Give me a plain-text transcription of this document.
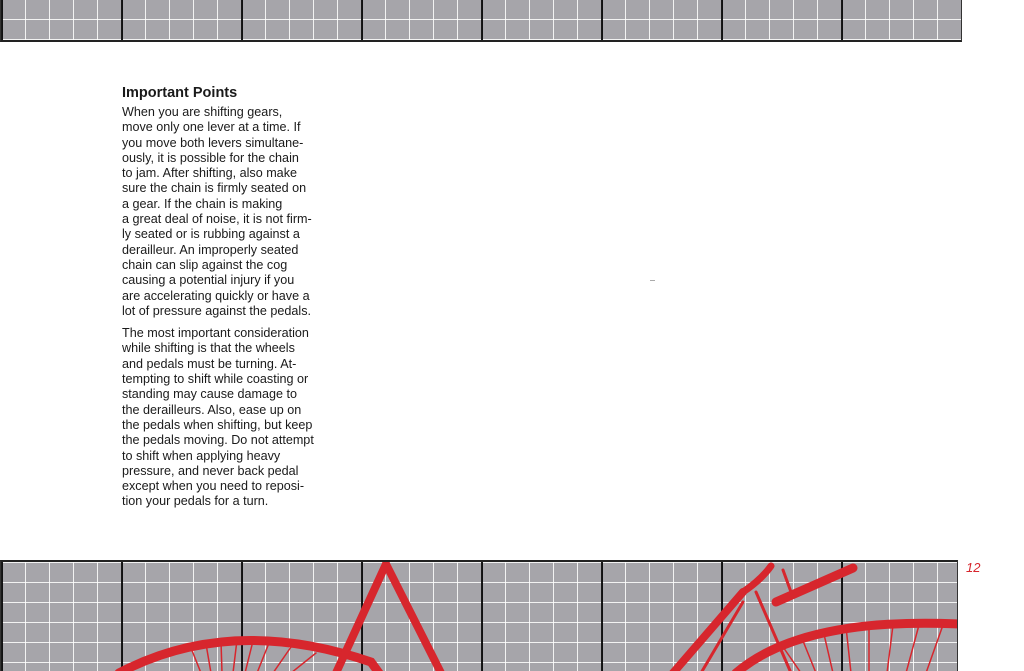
Important Points
When you are shifting gears,
move only one lever at a time. If
you move both levers simultane-
ously, it is possible for the chain
to jam. After shifting, also make
sure the chain is firmly seated on
a gear. If the chain is making
a great deal of noise, it is not firm-
ly seated or is rubbing against a
derailleur. An improperly seated
chain can slip against the cog
causing a potential injury if you
are accelerating quickly or have a
lot of pressure against the pedals.
The most important consideration
while shifting is that the wheels
and pedals must be turning. At-
tempting to shift while coasting or
standing may cause damage to
the derailleurs. Also, ease up on
the pedals when shifting, but keep
the pedals moving. Do not attempt
to shift when applying heavy
pressure, and never back pedal
except when you need to reposi-
tion your pedals for a turn.
12
